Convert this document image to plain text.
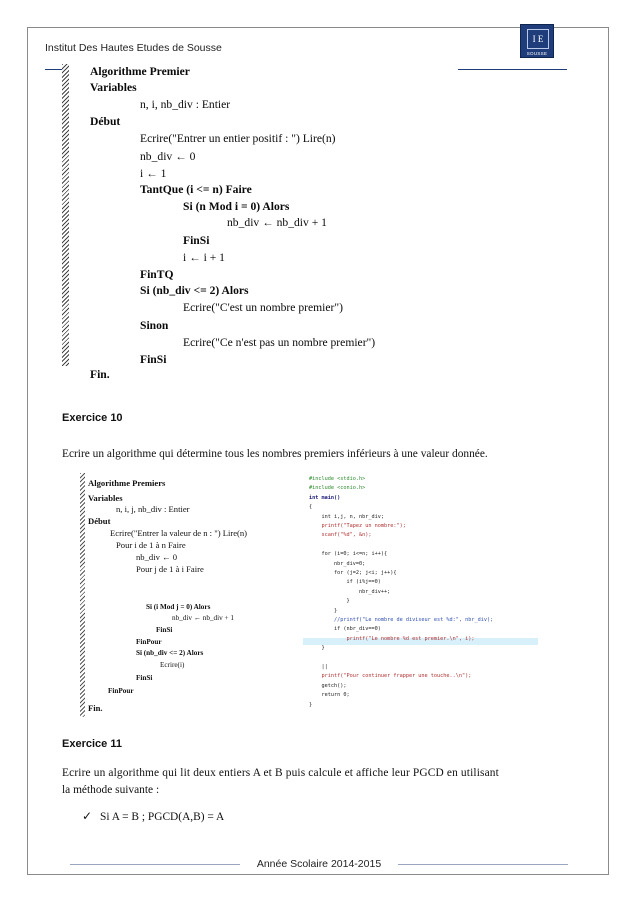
Institut Des Hautes Etudes de Sousse
I E
SOUSSE
Algorithme Premier
Variables
n, i, nb_div : Entier
Début
Ecrire("Entrer un entier positif : ") Lire(n)
nb_div ← 0
i ← 1
TantQue (i <= n) Faire
Si (n Mod i = 0) Alors
nb_div ← nb_div + 1
FinSi
i ← i + 1
FinTQ
Si (nb_div <= 2) Alors
Ecrire("C'est un nombre premier")
Sinon
Ecrire("Ce n'est pas un nombre premier")
FinSi
Fin.
Exercice 10
Ecrire un algorithme qui détermine tous les nombres premiers inférieurs à une valeur donnée.
Algorithme Premiers
Variables
n, i, j, nb_div : Entier
Début
Ecrire("Entrer la valeur de n : ") Lire(n)
Pour i de 1 à n Faire
nb_div ← 0
Pour j de 1 à i Faire
Si (i Mod j = 0) Alors
nb_div ← nb_div + 1
FinSi
FinPour
Si (nb_div <= 2) Alors
Ecrire(i)
FinSi
FinPour
Fin.
#include <stdio.h>
#include <conio.h>
int main()
{
int i,j, n, nbr_div;
printf("Tapez un nombre:");
scanf("%d", &n);
for (i=0; i<=n; i++){
nbr_div=0;
for (j=2; j<i; j++){
if (i%j==0)
nbr_div++;
}
}
//printf("Le nombre de diviseur est %d:", nbr_div);
if (nbr_div==0)
printf("Le nombre %d est premier.\n", i);
}
||
printf("Pour continuer frapper une touche..\n");
getch();
return 0;
}
Exercice 11
Ecrire un algorithme qui lit deux entiers A et B puis calcule et affiche leur PGCD en utilisant
la méthode suivante :
✓ Si A = B ; PGCD(A,B) = A
Année Scolaire 2014-2015
